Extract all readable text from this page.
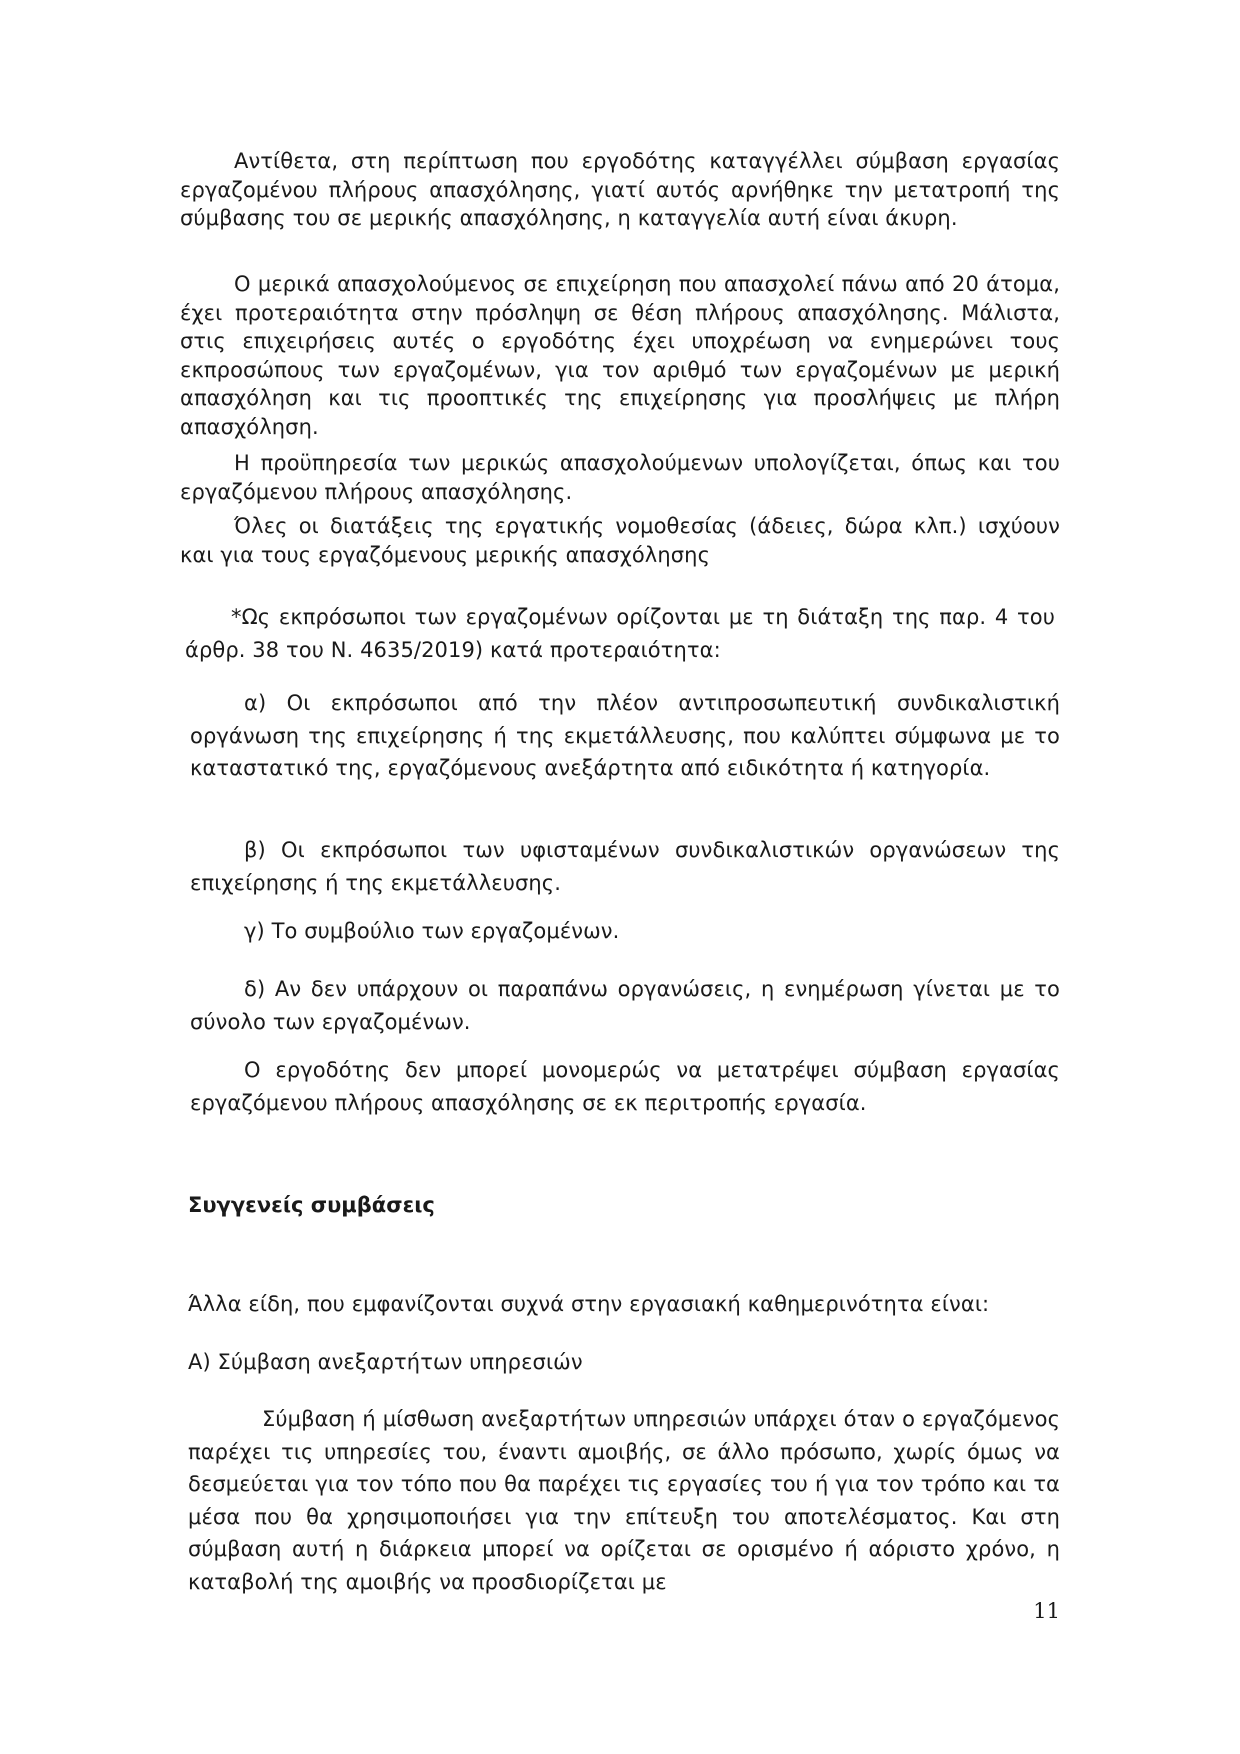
Αντίθετα, στη περίπτωση που εργοδότης καταγγέλλει σύμβαση εργασίας εργαζομένου πλήρους απασχόλησης, γιατί αυτός αρνήθηκε την μετατροπή της σύμβασης του σε μερικής απασχόλησης, η καταγγελία αυτή είναι άκυρη.

Ο μερικά απασχολούμενος σε επιχείρηση που απασχολεί πάνω από 20 άτομα, έχει προτεραιότητα στην πρόσληψη σε θέση πλήρους απασχόλησης. Μάλιστα, στις επιχειρήσεις αυτές ο εργοδότης έχει υποχρέωση να ενημερώνει τους εκπροσώπους των εργαζομένων, για τον αριθμό των εργαζομένων με μερική απασχόληση και τις προοπτικές της επιχείρησης για προσλήψεις με πλήρη απασχόληση.

Η προϋπηρεσία των μερικώς απασχολούμενων υπολογίζεται, όπως και του εργαζόμενου πλήρους απασχόλησης.

Όλες οι διατάξεις της εργατικής νομοθεσίας (άδειες, δώρα κλπ.) ισχύουν και για τους εργαζόμενους μερικής απασχόλησης

*Ως εκπρόσωποι των εργαζομένων ορίζονται με τη διάταξη της παρ. 4 του άρθρ. 38 του Ν. 4635/2019) κατά προτεραιότητα:

α) Οι εκπρόσωποι από την πλέον αντιπροσωπευτική συνδικαλιστική οργάνωση της επιχείρησης ή της εκμετάλλευσης, που καλύπτει σύμφωνα με το καταστατικό της, εργαζόμενους ανεξάρτητα από ειδικότητα ή κατηγορία.

β) Οι εκπρόσωποι των υφισταμένων συνδικαλιστικών οργανώσεων της επιχείρησης ή της εκμετάλλευσης.

γ) Το συμβούλιο των εργαζομένων.

δ) Αν δεν υπάρχουν οι παραπάνω οργανώσεις, η ενημέρωση γίνεται με το σύνολο των εργαζομένων.

Ο εργοδότης δεν μπορεί μονομερώς να μετατρέψει σύμβαση εργασίας εργαζόμενου πλήρους απασχόλησης σε εκ περιτροπής εργασία.

Συγγενείς συμβάσεις

Άλλα είδη, που εμφανίζονται συχνά στην εργασιακή καθημερινότητα είναι:

Α) Σύμβαση ανεξαρτήτων υπηρεσιών

Σύμβαση ή μίσθωση ανεξαρτήτων υπηρεσιών υπάρχει όταν ο εργαζόμενος παρέχει τις υπηρεσίες του, έναντι αμοιβής, σε άλλο πρόσωπο, χωρίς όμως να δεσμεύεται για τον τόπο που θα παρέχει τις εργασίες του ή για τον τρόπο και τα μέσα που θα χρησιμοποιήσει για την επίτευξη του αποτελέσματος. Και στη σύμβαση αυτή η διάρκεια μπορεί να ορίζεται σε ορισμένο ή αόριστο χρόνο, η καταβολή της αμοιβής να προσδιορίζεται με

11
